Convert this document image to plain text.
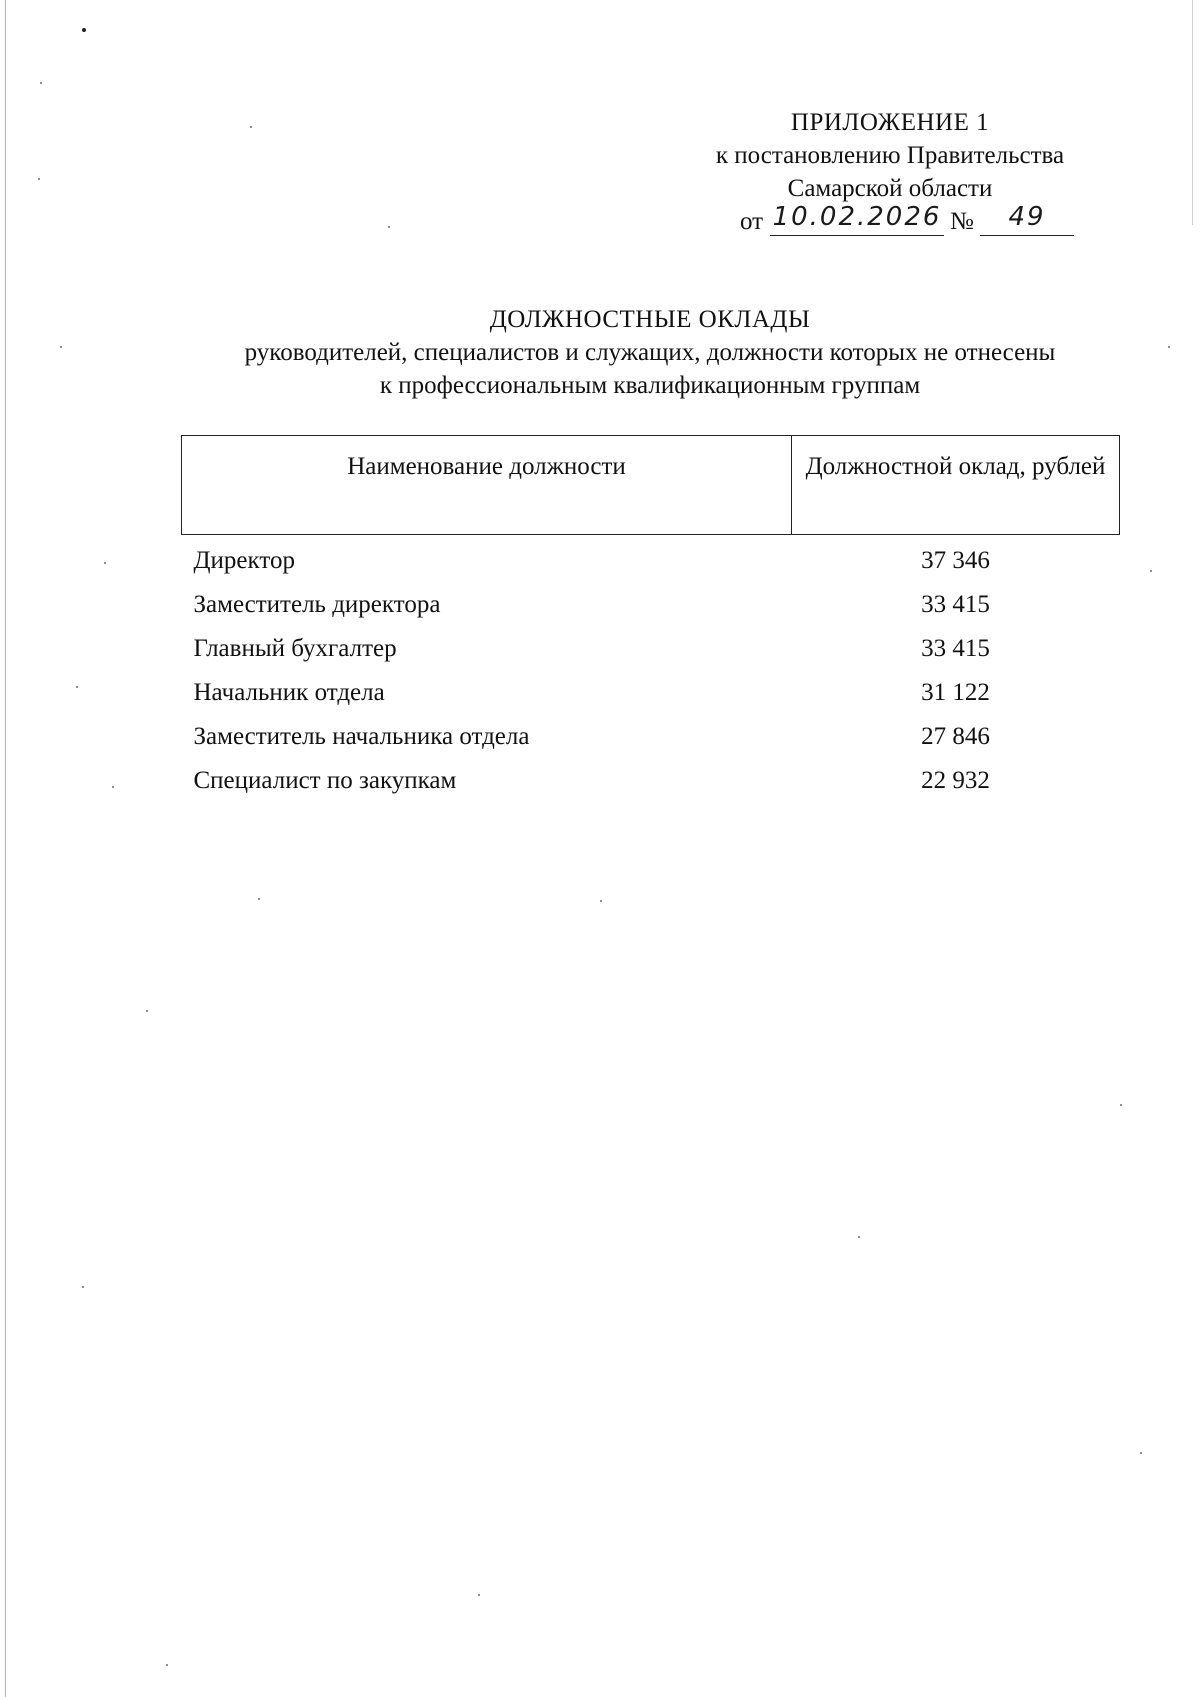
ПРИЛОЖЕНИЕ 1
к постановлению Правительства
Самарской области
от 10.02.2026 №	49
ДОЛЖНОСТНЫЕ ОКЛАДЫ
руководителей, специалистов и служащих, должности которых не отнесены
к профессиональным квалификационным группам
Наименование должности	Должностной оклад, рублей
Директор	37 346
Заместитель директора	33 415
Главный бухгалтер	33 415
Начальник отдела	31 122
Заместитель начальника отдела	27 846
Специалист по закупкам	22 932
